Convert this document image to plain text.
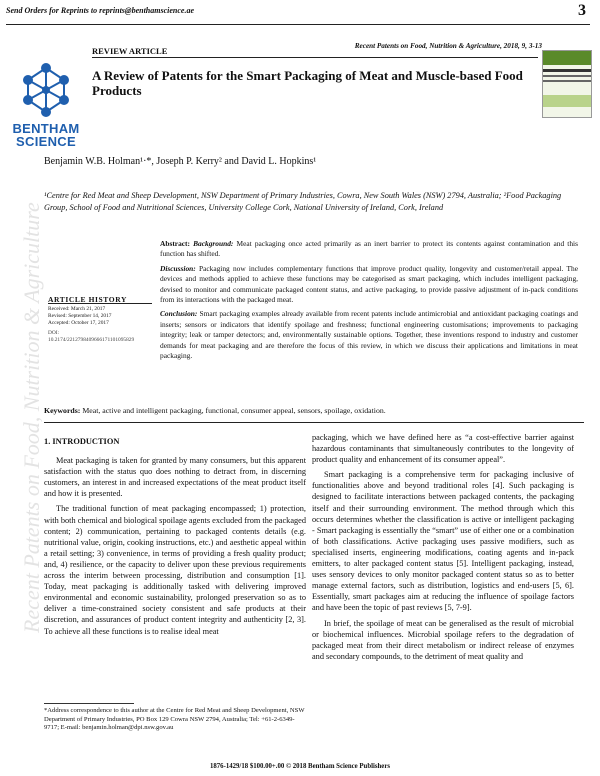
Recent Patents on Food, Nutrition & Agriculture
Send Orders for Reprints to reprints@benthamscience.ae	3
Recent Patents on Food, Nutrition & Agriculture, 2018, 9, 3-13
REVIEW ARTICLE
BENTHAM
SCIENCE
A Review of Patents for the Smart Packaging of Meat and Muscle-based Food Products
Benjamin W.B. Holman¹·*, Joseph P. Kerry² and David L. Hopkins¹
¹Centre for Red Meat and Sheep Development, NSW Department of Primary Industries, Cowra, New South Wales (NSW) 2794, Australia; ²Food Packaging Group, School of Food and Nutritional Sciences, University College Cork, National University of Ireland, Cork, Ireland
ARTICLE HISTORY
Received: March 21, 2017
Revised: September 14, 2017
Accepted: October 17, 2017
DOI:
10.2174/2212798409666171101095829

Abstract: Background: Meat packaging once acted primarily as an inert barrier to protect its contents against contamination and this function has shifted.

Discussion: Packaging now includes complementary functions that improve product quality, longevity and customer/retail appeal. The devices and methods applied to achieve these functions may be categorised as smart packaging, which includes intelligent packaging, devised to monitor and communicate packaged content status, and active packaging, to provide passive adjustment of in-pack conditions from its interactions with the packaged meat.

Conclusion: Smart packaging examples already available from recent patents include antimicrobial and antioxidant packaging coatings and inserts; sensors or indicators that identify spoilage and freshness; functional engineering customisations; improvements to packaging integrity; leak or tamper detectors; and, environmentally sustainable options. Together, these inventions respond to industry and customer demands for meat packaging and are therefore the focus of this review, in which we discuss their applications and limitations in meat packaging.

Keywords: Meat, active and intelligent packaging, functional, consumer appeal, sensors, spoilage, oxidation.
1. INTRODUCTION

Meat packaging is taken for granted by many consumers, but this apparent satisfaction with the status quo does nothing to detract from, in discerning customers, an interest in and increased expectations of the meat product itself and how it is presented.

The traditional function of meat packaging encompassed; 1) protection, with both chemical and biological spoilage agents excluded from the packaged content; 2) communication, pertaining to packaged contents details (e.g. nutritional value, origin, cooking instructions, etc.) and aesthetic appeal within a retail setting; 3) convenience, in terms of providing a fresh quality product; and, 4) resilience, or the capacity to deliver upon these previous requirements across the interim between processing, distribution and consumption [1]. Today, meat packaging is additionally tasked with delivering improved environmental and economic sustainability, prolonged preservation so as to deliver a time-constrained society consistent and safe products at their discretion, and assurances of product content integrity and authenticity [2, 3]. To achieve all these functions is to realise ideal meat

packaging, which we have defined here as “a cost-effective barrier against hazardous contaminants that simultaneously contributes to the longevity of product quality and enhancement of its consumer appeal”.

Smart packaging is a comprehensive term for packaging inclusive of functionalities above and beyond traditional roles [4]. Such packaging is designed to facilitate interactions between packaged contents, the packaging itself and their surrounding environment. The method through which this occurs determines whether the classification is active or intelligent packaging - Smart packaging is essentially the “smart” use of either one or a combination of both classifications. Active packaging uses passive modifiers, such as specialised inserts, engineering modifications, coating agents and in-pack emitters, to alter packaged content status [5]. Intelligent packaging, instead, uses sensory devices to only monitor packaged content status so as to better manage external factors, such as distribution, logistics and end-users [5, 6]. Essentially, smart packages aim at reducing the influence of spoilage factors and have been the topic of past reviews [5, 7-9].

In brief, the spoilage of meat can be generalised as the result of microbial or biochemical influences. Microbial spoilage refers to the degradation of packaged meat from their direct metabolism or indirect release of enzymes and secondary compounds, to the detriment of meat quality and

*Address correspondence to this author at the Centre for Red Meat and Sheep Development, NSW Department of Primary Industries, PO Box 129 Cowra NSW 2794, Australia; Tel: +61-2-6349-9717; E-mail: benjamin.holman@dpi.nsw.gov.au
1876-1429/18 $100.00+.00 © 2018 Bentham Science Publishers
